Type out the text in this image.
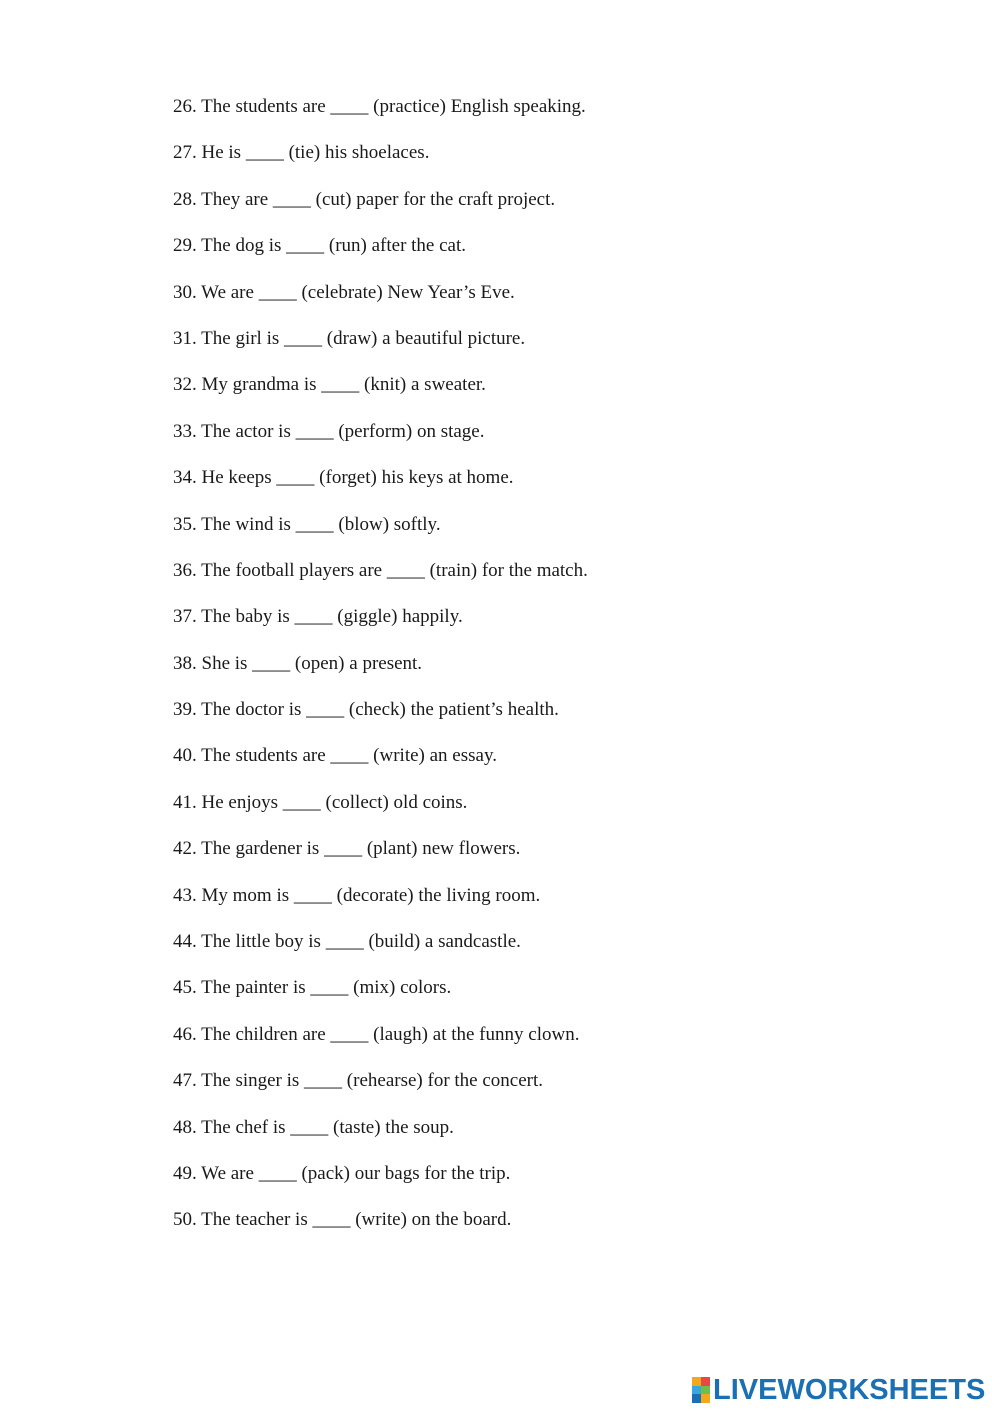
26. The students are ____ (practice) English speaking.
27. He is ____ (tie) his shoelaces.
28. They are ____ (cut) paper for the craft project.
29. The dog is ____ (run) after the cat.
30. We are ____ (celebrate) New Year’s Eve.
31. The girl is ____ (draw) a beautiful picture.
32. My grandma is ____ (knit) a sweater.
33. The actor is ____ (perform) on stage.
34. He keeps ____ (forget) his keys at home.
35. The wind is ____ (blow) softly.
36. The football players are ____ (train) for the match.
37. The baby is ____ (giggle) happily.
38. She is ____ (open) a present.
39. The doctor is ____ (check) the patient’s health.
40. The students are ____ (write) an essay.
41. He enjoys ____ (collect) old coins.
42. The gardener is ____ (plant) new flowers.
43. My mom is ____ (decorate) the living room.
44. The little boy is ____ (build) a sandcastle.
45. The painter is ____ (mix) colors.
46. The children are ____ (laugh) at the funny clown.
47. The singer is ____ (rehearse) for the concert.
48. The chef is ____ (taste) the soup.
49. We are ____ (pack) our bags for the trip.
50. The teacher is ____ (write) on the board.
LIVEWORKSHEETS
